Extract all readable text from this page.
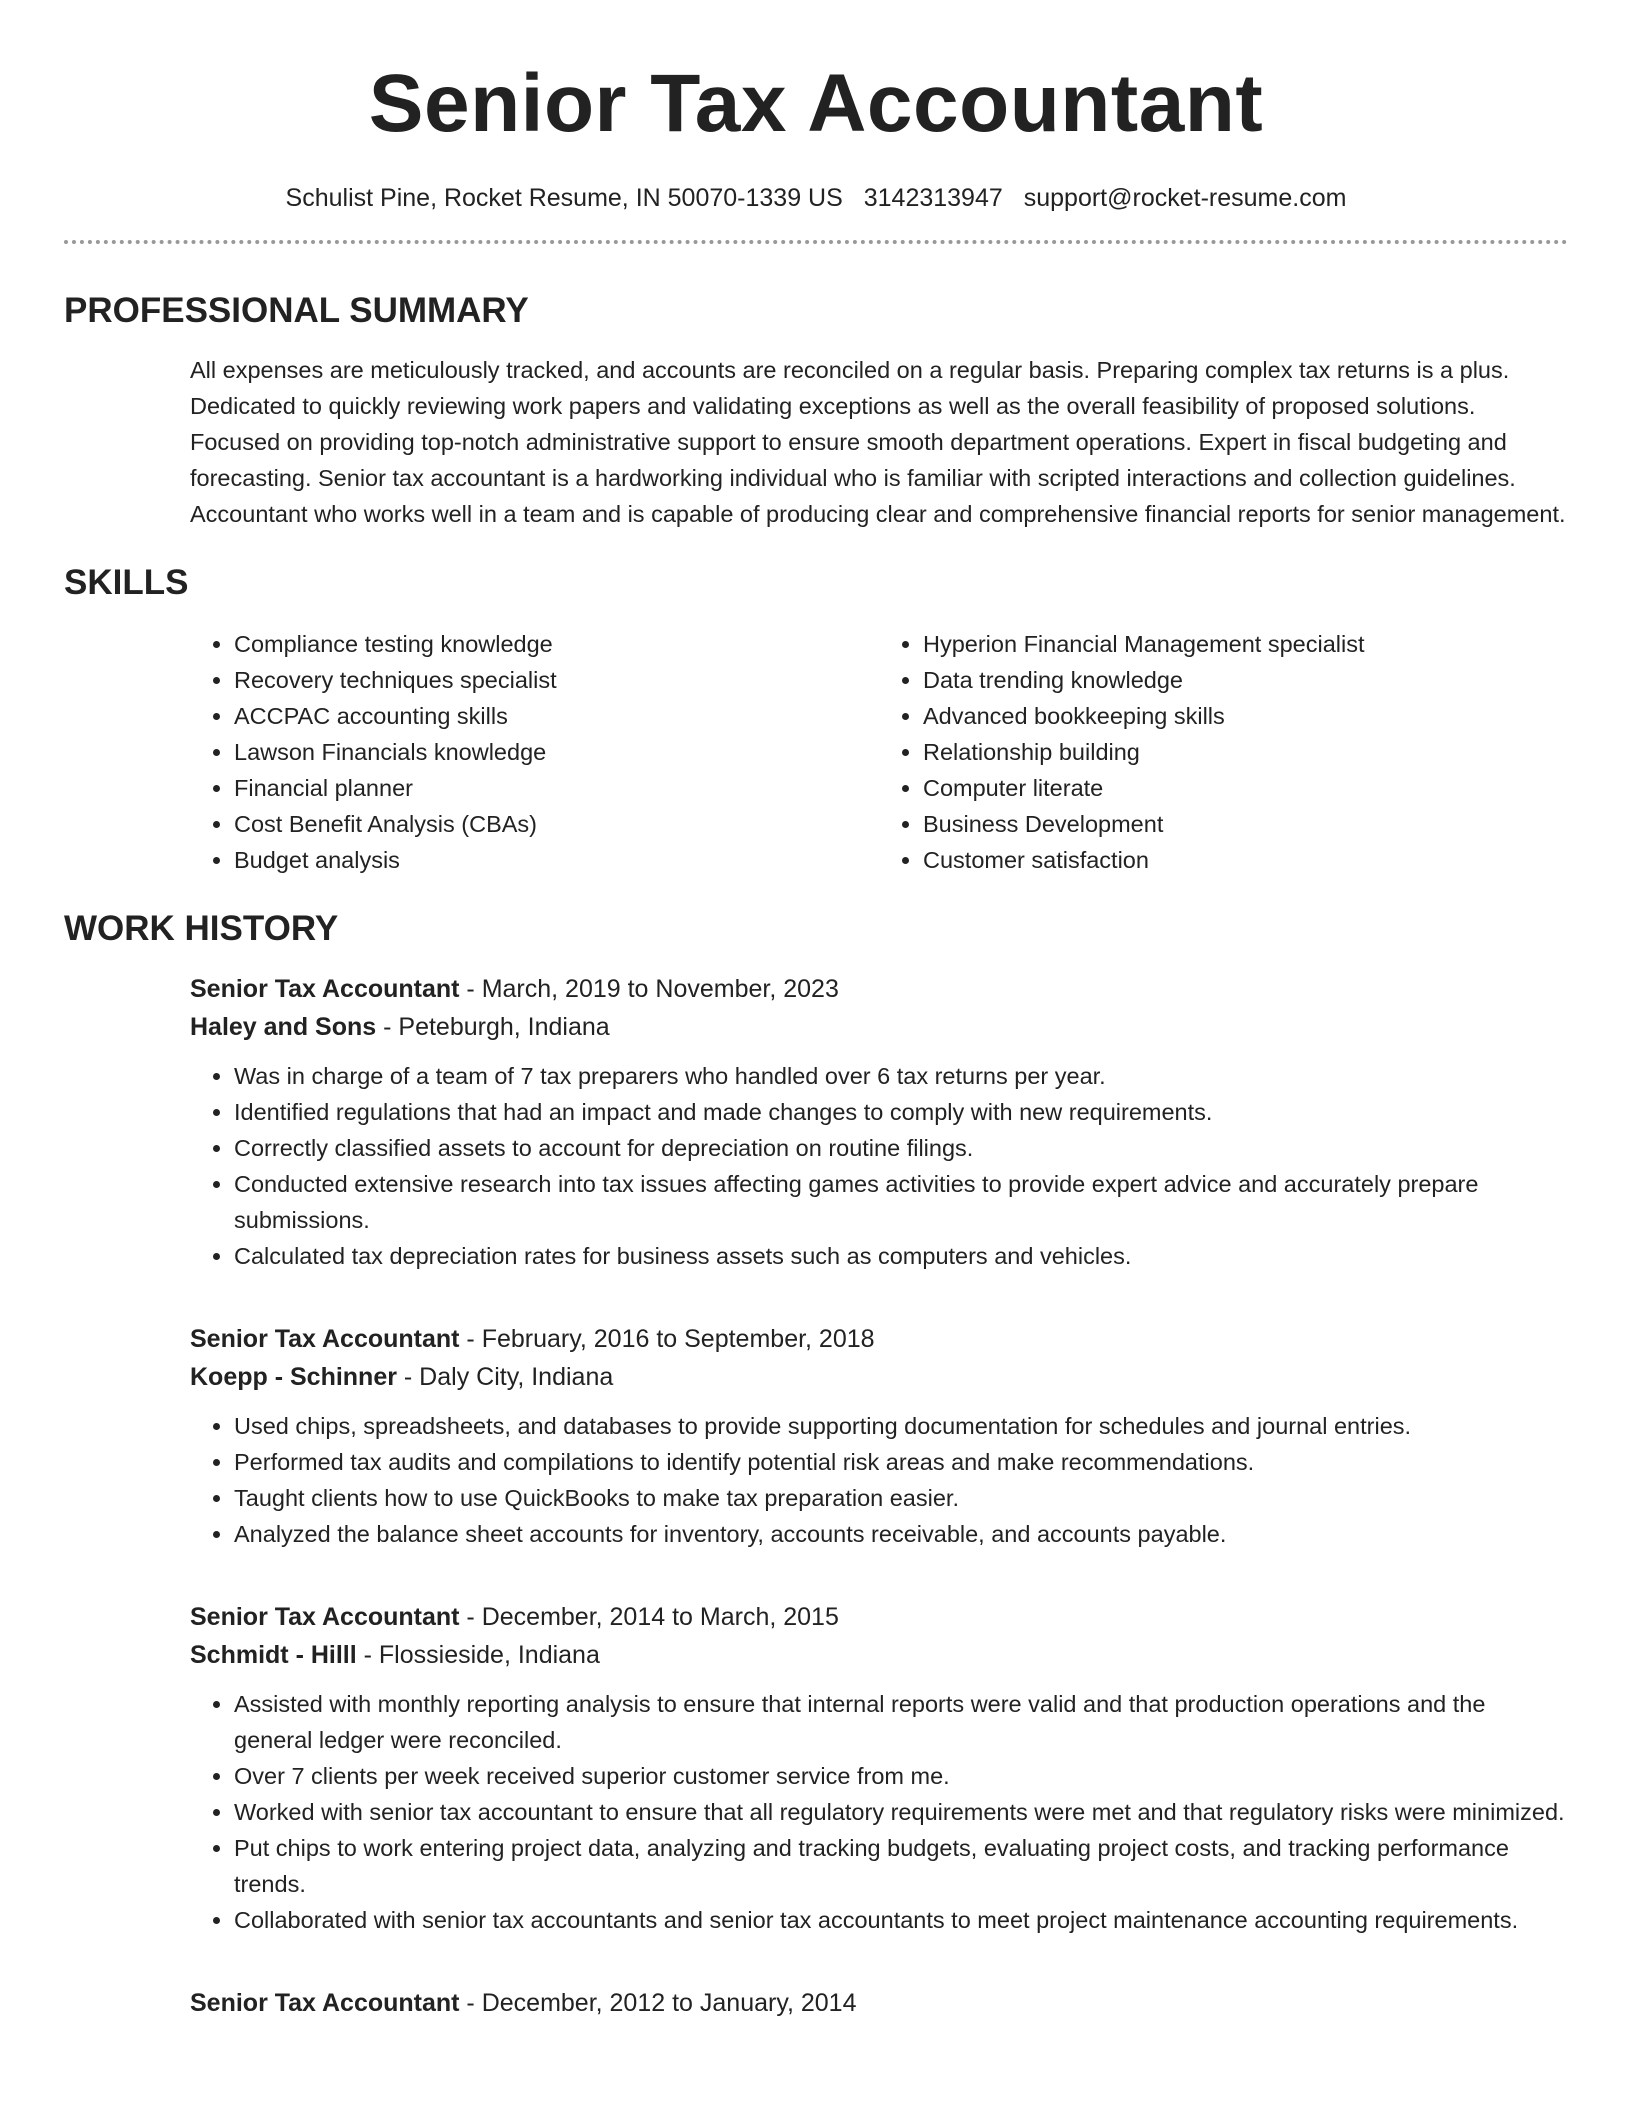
Senior Tax Accountant
Schulist Pine, Rocket Resume, IN 50070-1339 US 3142313947 support@rocket-resume.com
PROFESSIONAL SUMMARY
All expenses are meticulously tracked, and accounts are reconciled on a regular basis. Preparing complex tax returns is a plus. Dedicated to quickly reviewing work papers and validating exceptions as well as the overall feasibility of proposed solutions. Focused on providing top-notch administrative support to ensure smooth department operations. Expert in fiscal budgeting and forecasting. Senior tax accountant is a hardworking individual who is familiar with scripted interactions and collection guidelines. Accountant who works well in a team and is capable of producing clear and comprehensive financial reports for senior management.
SKILLS
• Compliance testing knowledge
• Recovery techniques specialist
• ACCPAC accounting skills
• Lawson Financials knowledge
• Financial planner
• Cost Benefit Analysis (CBAs)
• Budget analysis
• Hyperion Financial Management specialist
• Data trending knowledge
• Advanced bookkeeping skills
• Relationship building
• Computer literate
• Business Development
• Customer satisfaction
WORK HISTORY
Senior Tax Accountant - March, 2019 to November, 2023
Haley and Sons - Peteburgh, Indiana
• Was in charge of a team of 7 tax preparers who handled over 6 tax returns per year.
• Identified regulations that had an impact and made changes to comply with new requirements.
• Correctly classified assets to account for depreciation on routine filings.
• Conducted extensive research into tax issues affecting games activities to provide expert advice and accurately prepare submissions.
• Calculated tax depreciation rates for business assets such as computers and vehicles.
Senior Tax Accountant - February, 2016 to September, 2018
Koepp - Schinner - Daly City, Indiana
• Used chips, spreadsheets, and databases to provide supporting documentation for schedules and journal entries.
• Performed tax audits and compilations to identify potential risk areas and make recommendations.
• Taught clients how to use QuickBooks to make tax preparation easier.
• Analyzed the balance sheet accounts for inventory, accounts receivable, and accounts payable.
Senior Tax Accountant - December, 2014 to March, 2015
Schmidt - Hilll - Flossieside, Indiana
• Assisted with monthly reporting analysis to ensure that internal reports were valid and that production operations and the general ledger were reconciled.
• Over 7 clients per week received superior customer service from me.
• Worked with senior tax accountant to ensure that all regulatory requirements were met and that regulatory risks were minimized.
• Put chips to work entering project data, analyzing and tracking budgets, evaluating project costs, and tracking performance trends.
• Collaborated with senior tax accountants and senior tax accountants to meet project maintenance accounting requirements.
Senior Tax Accountant - December, 2012 to January, 2014
